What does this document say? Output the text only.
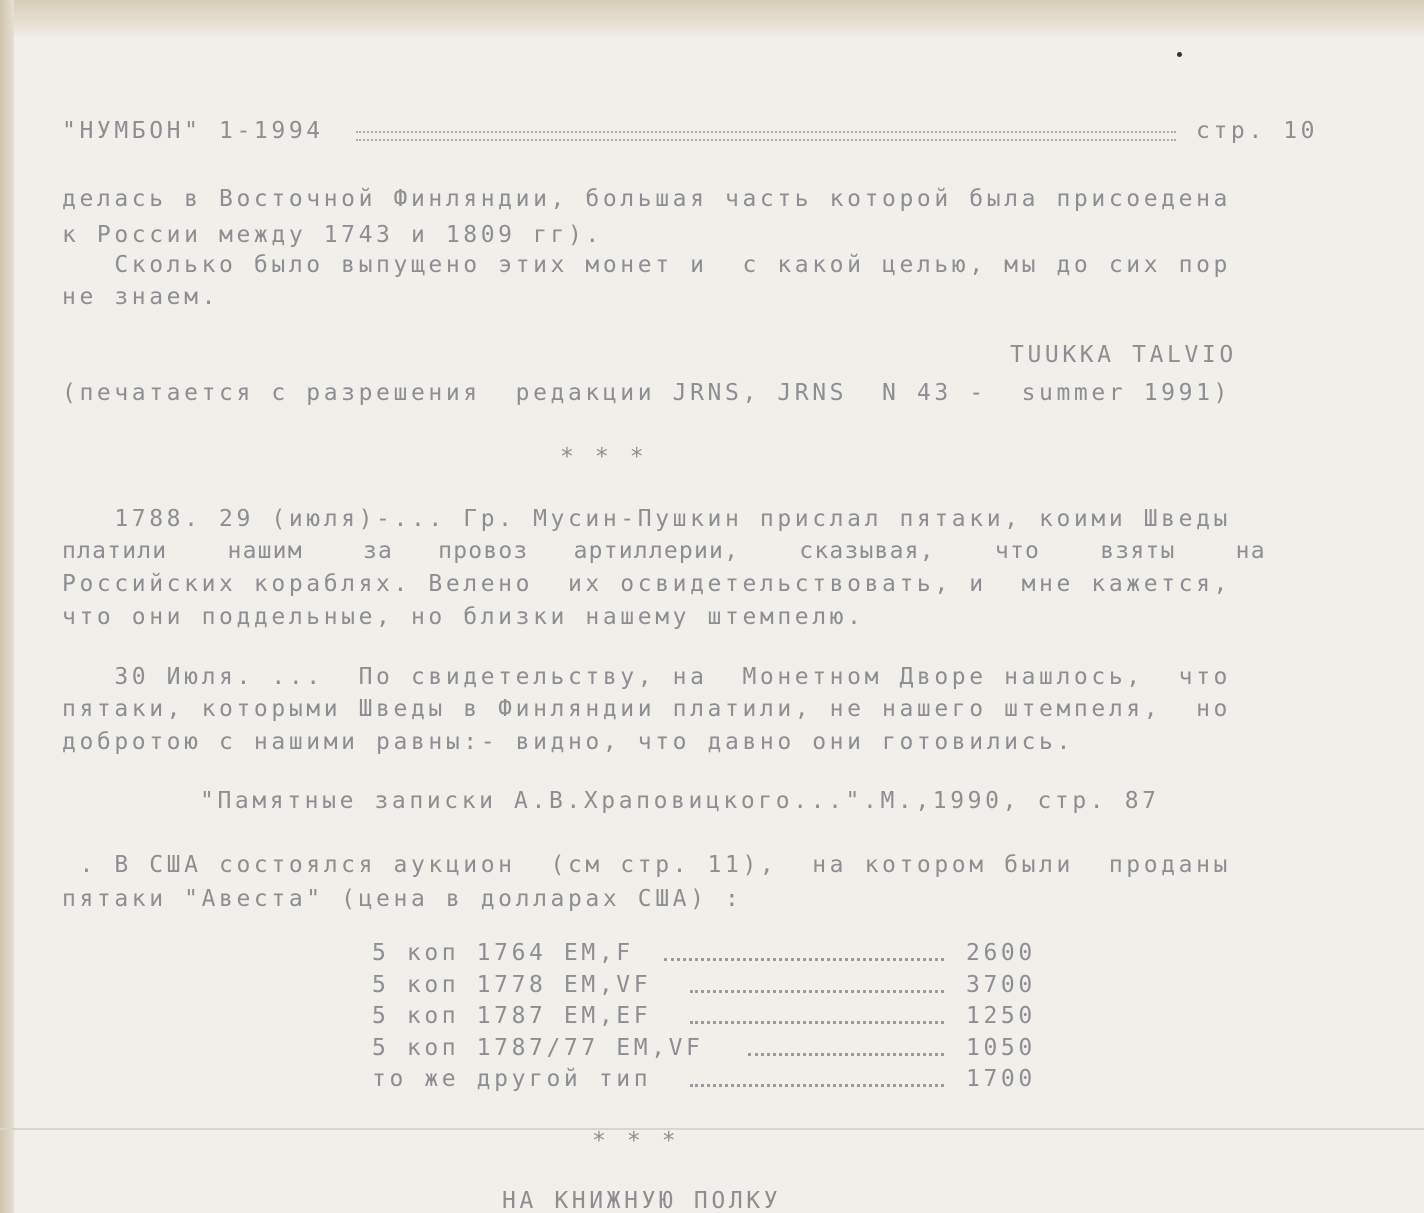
"НУМБОН" 1-1994	стр. 10
делась в Восточной Финляндии, большая часть которой была присоедена
к России между 1743 и 1809 гг).
Сколько было выпущено этих монет и  с какой целью, мы до сих пор
не знаем.
TUUKKA TALVIO
(печатается с разрешения  редакции JRNS, JRNS  N 43 -  summer 1991)
* * *
1788. 29 (июля)-... Гр. Мусин-Пушкин прислал пятаки, коими Шведы
платили    нашим    за   провоз   артиллерии,    сказывая,    что    взяты    на
Российских кораблях. Велено  их освидетельствовать, и  мне кажется,
что они поддельные, но близки нашему штемпелю.
30 Июля. ...  По свидетельству, на  Монетном Дворе нашлось,  что
пятаки, которыми Шведы в Финляндии платили, не нашего штемпеля,  но
добротою с нашими равны:- видно, что давно они готовились.
"Памятные записки А.В.Храповицкого...".М.,1990, стр. 87
. В США состоялся аукцион  (см стр. 11),  на котором были  проданы
пятаки "Авеста" (цена в долларах США) :
5 коп 1764 ЕМ,F	2600
5 коп 1778 ЕМ,VF	3700
5 коп 1787 ЕМ,EF	1250
5 коп 1787/77 ЕМ,VF	1050
то же другой тип	1700
* * *
НА КНИЖНУЮ ПОЛКУ
